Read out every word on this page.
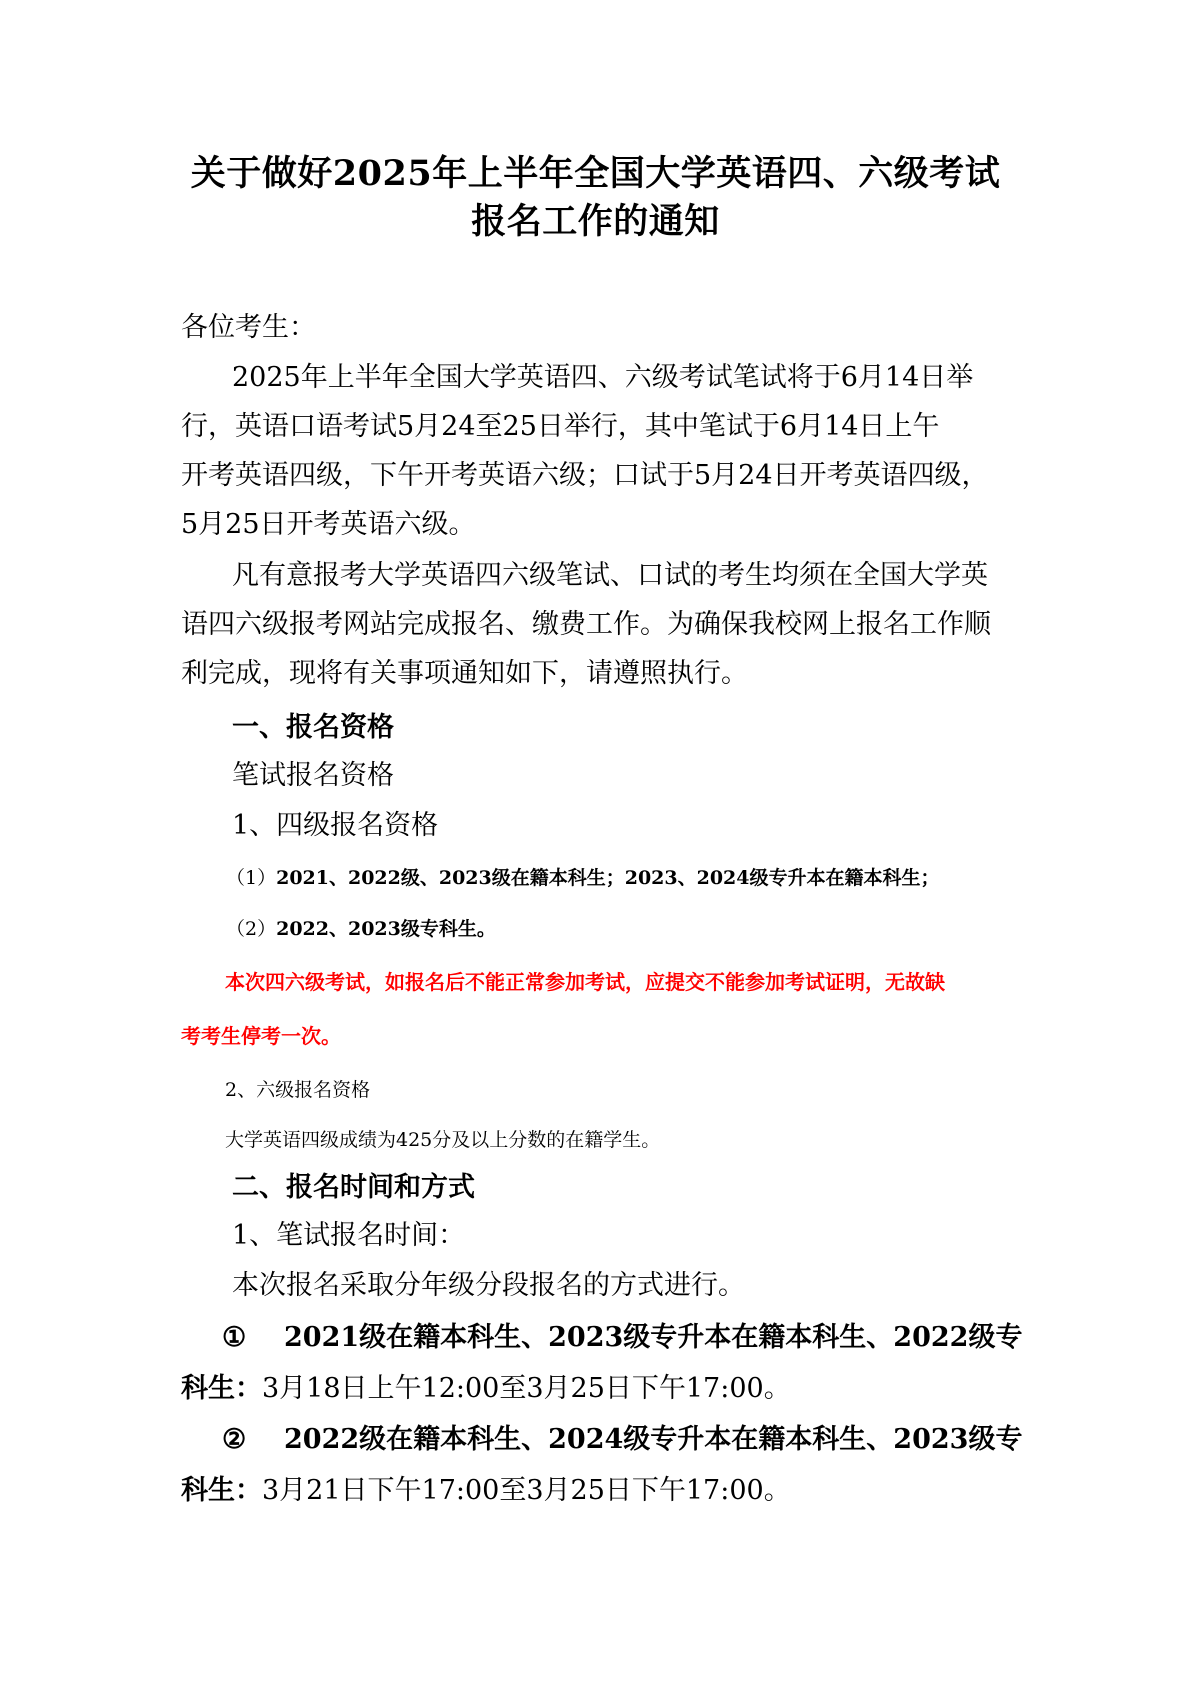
关于做好2025年上半年全国大学英语四、六级考试
报名工作的通知
各位考生：
2025年上半年全国大学英语四、六级考试笔试将于6月14日举
行，英语口语考试5月24至25日举行，其中笔试于6月14日上午
开考英语四级，下午开考英语六级；口试于5月24日开考英语四级，
5月25日开考英语六级。
凡有意报考大学英语四六级笔试、口试的考生均须在全国大学英
语四六级报考网站完成报名、缴费工作。为确保我校网上报名工作顺
利完成，现将有关事项通知如下，请遵照执行。
一、报名资格
笔试报名资格
1、四级报名资格
（1）2021、2022级、2023级在籍本科生；2023、2024级专升本在籍本科生；
（2）2022、2023级专科生。
本次四六级考试，如报名后不能正常参加考试，应提交不能参加考试证明，无故缺
考考生停考一次。
2、六级报名资格
大学英语四级成绩为425分及以上分数的在籍学生。
二、报名时间和方式
1、笔试报名时间：
本次报名采取分年级分段报名的方式进行。
① 2021级在籍本科生、2023级专升本在籍本科生、2022级专
科生：3月18日上午12:00至3月25日下午17:00。
② 2022级在籍本科生、2024级专升本在籍本科生、2023级专
科生：3月21日下午17:00至3月25日下午17:00。
